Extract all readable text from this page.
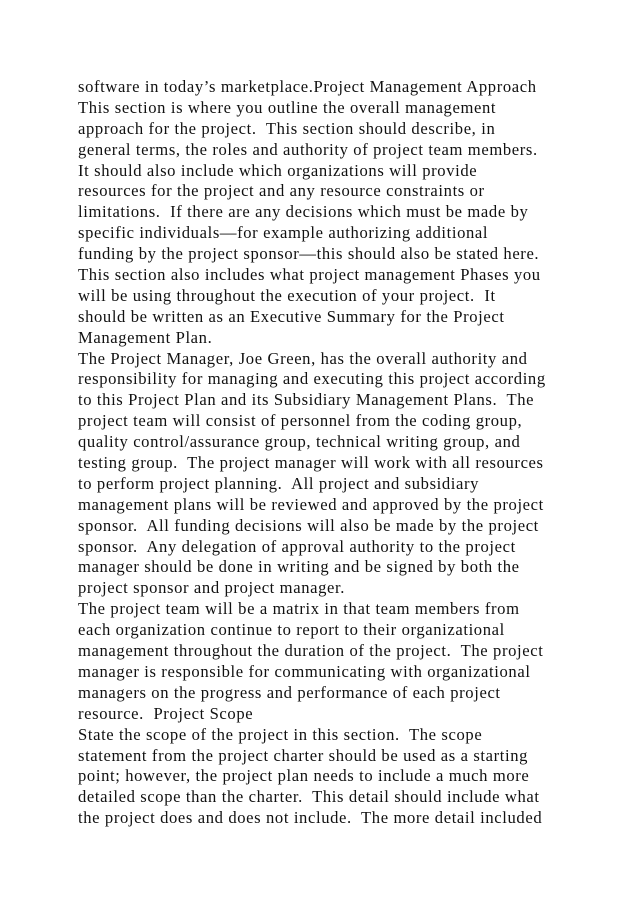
software in today’s marketplace.Project Management Approach
This section is where you outline the overall management
approach for the project.  This section should describe, in
general terms, the roles and authority of project team members.
It should also include which organizations will provide
resources for the project and any resource constraints or
limitations.  If there are any decisions which must be made by
specific individuals—for example authorizing additional
funding by the project sponsor—this should also be stated here.
This section also includes what project management Phases you
will be using throughout the execution of your project.  It
should be written as an Executive Summary for the Project
Management Plan.
The Project Manager, Joe Green, has the overall authority and
responsibility for managing and executing this project according
to this Project Plan and its Subsidiary Management Plans.  The
project team will consist of personnel from the coding group,
quality control/assurance group, technical writing group, and
testing group.  The project manager will work with all resources
to perform project planning.  All project and subsidiary
management plans will be reviewed and approved by the project
sponsor.  All funding decisions will also be made by the project
sponsor.  Any delegation of approval authority to the project
manager should be done in writing and be signed by both the
project sponsor and project manager.
The project team will be a matrix in that team members from
each organization continue to report to their organizational
management throughout the duration of the project.  The project
manager is responsible for communicating with organizational
managers on the progress and performance of each project
resource.  Project Scope
State the scope of the project in this section.  The scope
statement from the project charter should be used as a starting
point; however, the project plan needs to include a much more
detailed scope than the charter.  This detail should include what
the project does and does not include.  The more detail included
